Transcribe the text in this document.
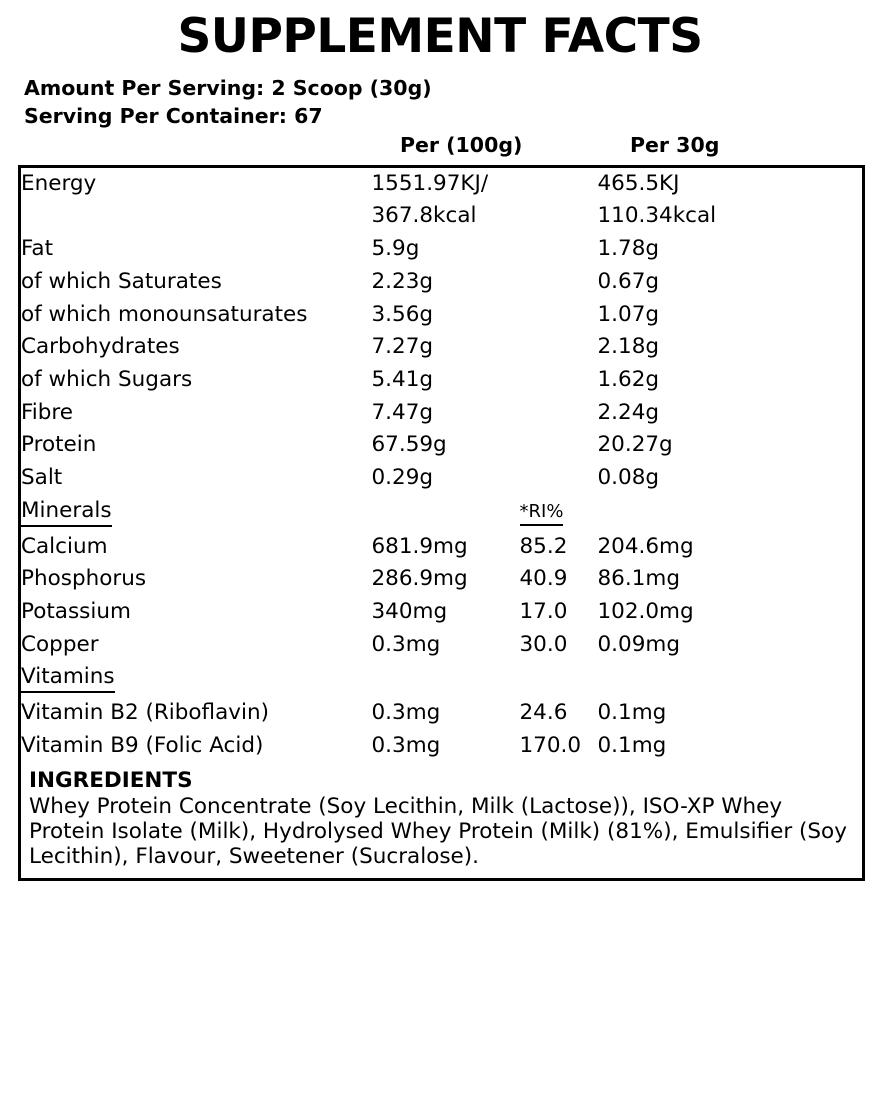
SUPPLEMENT FACTS
Amount Per Serving: 2 Scoop (30g)
Serving Per Container: 67
Per (100g)	Per 30g
Energy	1551.97KJ/		465.5KJ
	367.8kcal		110.34kcal
Fat	5.9g		1.78g
of which Saturates	2.23g		0.67g
of which monounsaturates	3.56g		1.07g
Carbohydrates	7.27g		2.18g
of which Sugars	5.41g		1.62g
Fibre	7.47g		2.24g
Protein	67.59g		20.27g
Salt	0.29g		0.08g
Minerals		*RI%	
Calcium	681.9mg	85.2	204.6mg
Phosphorus	286.9mg	40.9	86.1mg
Potassium	340mg	17.0	102.0mg
Copper	0.3mg	30.0	0.09mg
Vitamins			
Vitamin B2 (Riboflavin)	0.3mg	24.6	0.1mg
Vitamin B9 (Folic Acid)	0.3mg	170.0	0.1mg
INGREDIENTS			
Whey Protein Concentrate (Soy Lecithin, Milk (Lactose)), ISO-XP Whey Protein Isolate (Milk), Hydrolysed Whey Protein (Milk) (81%), Emulsifier (Soy Lecithin), Flavour, Sweetener (Sucralose).			
